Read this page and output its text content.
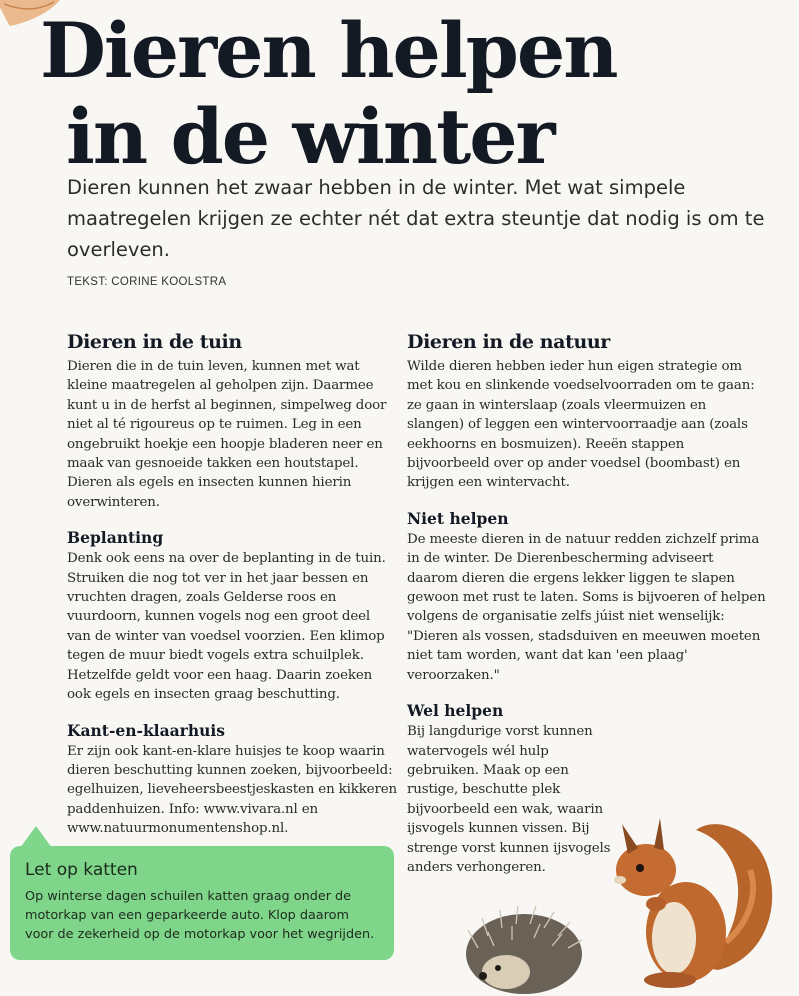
Dieren helpen
in de winter

Dieren kunnen het zwaar hebben in de winter. Met wat simpele maatregelen krijgen ze echter nét dat extra steuntje dat nodig is om te overleven.

TEKST: CORINE KOOLSTRA

Dieren in de tuin

Dieren die in de tuin leven, kunnen met wat kleine maatregelen al geholpen zijn. Daarmee kunt u in de herfst al beginnen, simpelweg door niet al té rigoureus op te ruimen. Leg in een ongebruikt hoekje een hoopje bladeren neer en maak van gesnoeide takken een houtstapel. Dieren als egels en insecten kunnen hierin overwinteren.

Beplanting

Denk ook eens na over de beplanting in de tuin. Struiken die nog tot ver in het jaar bessen en vruchten dragen, zoals Gelderse roos en vuurdoorn, kunnen vogels nog een groot deel van de winter van voedsel voorzien. Een klimop tegen de muur biedt vogels extra schuilplek. Hetzelfde geldt voor een haag. Daarin zoeken ook egels en insecten graag beschutting.

Kant-en-klaarhuis

Er zijn ook kant-en-klare huisjes te koop waarin dieren beschutting kunnen zoeken, bijvoorbeeld: egelhuizen, lieveheersbeestjeskasten en kikkeren paddenhuizen. Info: www.vivara.nl en www.natuurmonumentenshop.nl.

Dieren in de natuur

Wilde dieren hebben ieder hun eigen strategie om met kou en slinkende voedselvoorraden om te gaan: ze gaan in winterslaap (zoals vleermuizen en slangen) of leggen een wintervoorraadje aan (zoals eekhoorns en bosmuizen). Reeën stappen bijvoorbeeld over op ander voedsel (boombast) en krijgen een wintervacht.

Niet helpen

De meeste dieren in de natuur redden zichzelf prima in de winter. De Dierenbescherming adviseert daarom dieren die ergens lekker liggen te slapen gewoon met rust te laten. Soms is bijvoeren of helpen volgens de organisatie zelfs júist niet wenselijk: "Dieren als vossen, stadsduiven en meeuwen moeten niet tam worden, want dat kan 'een plaag' veroorzaken."

Wel helpen

Bij langdurige vorst kunnen watervogels wél hulp gebruiken. Maak op een rustige, beschutte plek bijvoorbeeld een wak, waarin ijsvogels kunnen vissen. Bij strenge vorst kunnen ijsvogels anders verhongeren.

Let op katten

Op winterse dagen schuilen katten graag onder de motorkap van een geparkeerde auto. Klop daarom voor de zekerheid op de motorkap voor het wegrijden.
